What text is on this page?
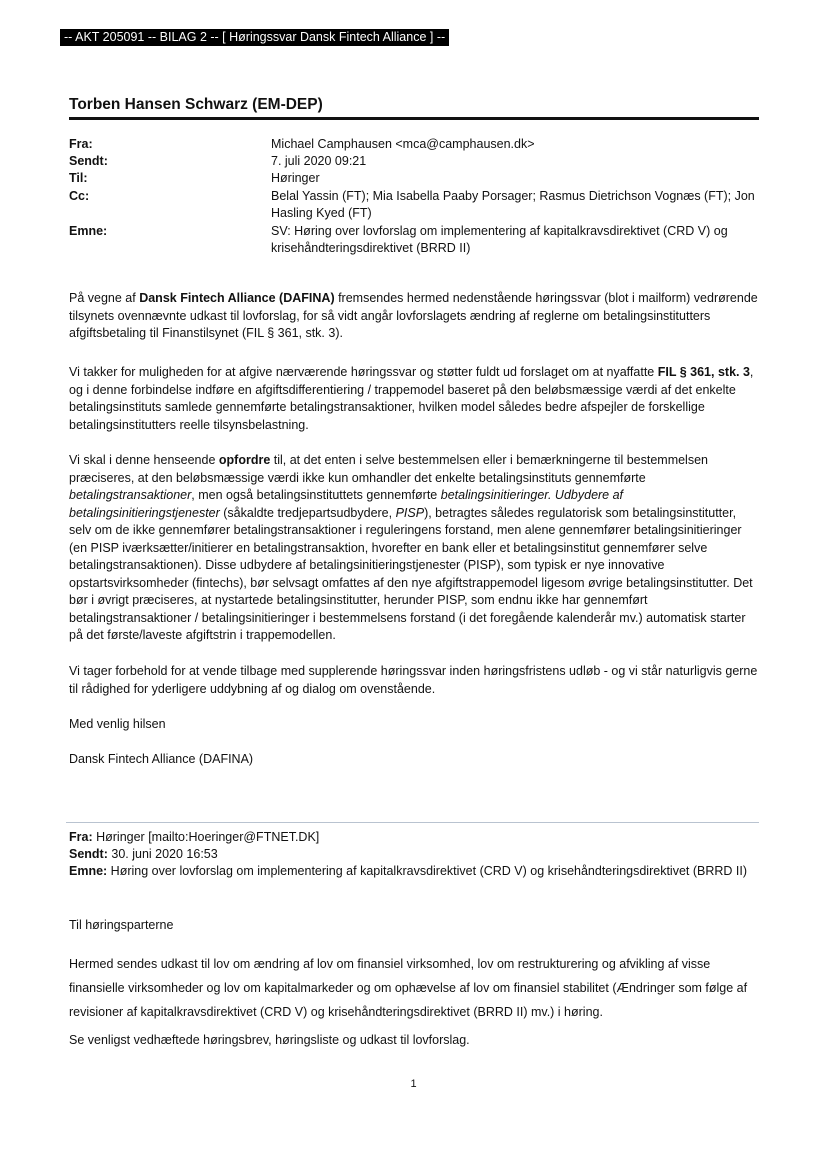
-- AKT 205091 -- BILAG 2 -- [ Høringssvar Dansk Fintech Alliance ] --
Torben Hansen Schwarz (EM-DEP)
Fra:	Michael Camphausen <mca@camphausen.dk>
Sendt:	7. juli 2020 09:21
Til:	Høringer
Cc:	Belal Yassin (FT); Mia Isabella Paaby Porsager; Rasmus Dietrichson Vognæs (FT); Jon Hasling Kyed (FT)
Emne:	SV: Høring over lovforslag om implementering af kapitalkravsdirektivet (CRD V) og krisehåndteringsdirektivet (BRRD II)

På vegne af Dansk Fintech Alliance (DAFINA) fremsendes hermed nedenstående høringssvar (blot i mailform) vedrørende tilsynets ovennævnte udkast til lovforslag, for så vidt angår lovforslagets ændring af reglerne om betalingsinstitutters afgiftsbetaling til Finanstilsynet (FIL § 361, stk. 3).

Vi takker for muligheden for at afgive nærværende høringssvar og støtter fuldt ud forslaget om at nyaffatte FIL § 361, stk. 3, og i denne forbindelse indføre en afgiftsdifferentiering / trappemodel baseret på den beløbsmæssige værdi af det enkelte betalingsinstituts samlede gennemførte betalingstransaktioner, hvilken model således bedre afspejler de forskellige betalingsinstitutters reelle tilsynsbelastning.

Vi skal i denne henseende opfordre til, at det enten i selve bestemmelsen eller i bemærkningerne til bestemmelsen præciseres, at den beløbsmæssige værdi ikke kun omhandler det enkelte betalingsinstituts gennemførte betalingstransaktioner, men også betalingsinstituttets gennemførte betalingsinitieringer. Udbydere af betalingsinitieringstjenester (såkaldte tredjepartsudbydere, PISP), betragtes således regulatorisk som betalingsinstitutter, selv om de ikke gennemfører betalingstransaktioner i reguleringens forstand, men alene gennemfører betalingsinitieringer (en PISP iværksætter/initierer en betalingstransaktion, hvorefter en bank eller et betalingsinstitut gennemfører selve betalingstransaktionen). Disse udbydere af betalingsinitieringstjenester (PISP), som typisk er nye innovative opstartsvirksomheder (fintechs), bør selvsagt omfattes af den nye afgiftstrappemodel ligesom øvrige betalingsinstitutter. Det bør i øvrigt præciseres, at nystartede betalingsinstitutter, herunder PISP, som endnu ikke har gennemført betalingstransaktioner / betalingsinitieringer i bestemmelsens forstand (i det foregående kalenderår mv.) automatisk starter på det første/laveste afgiftstrin i trappemodellen.

Vi tager forbehold for at vende tilbage med supplerende høringssvar inden høringsfristens udløb - og vi står naturligvis gerne til rådighed for yderligere uddybning af og dialog om ovenstående.

Med venlig hilsen

Dansk Fintech Alliance (DAFINA)

Fra: Høringer [mailto:Hoeringer@FTNET.DK]

Sendt: 30. juni 2020 16:53

Emne: Høring over lovforslag om implementering af kapitalkravsdirektivet (CRD V) og krisehåndteringsdirektivet (BRRD II)

Til høringsparterne

Hermed sendes udkast til lov om ændring af lov om finansiel virksomhed, lov om restrukturering og afvikling af visse finansielle virksomheder og lov om kapitalmarkeder og om ophævelse af lov om finansiel stabilitet (Ændringer som følge af revisioner af kapitalkravsdirektivet (CRD V) og krisehåndteringsdirektivet (BRRD II) mv.) i høring.

Se venligst vedhæftede høringsbrev, høringsliste og udkast til lovforslag.

1
